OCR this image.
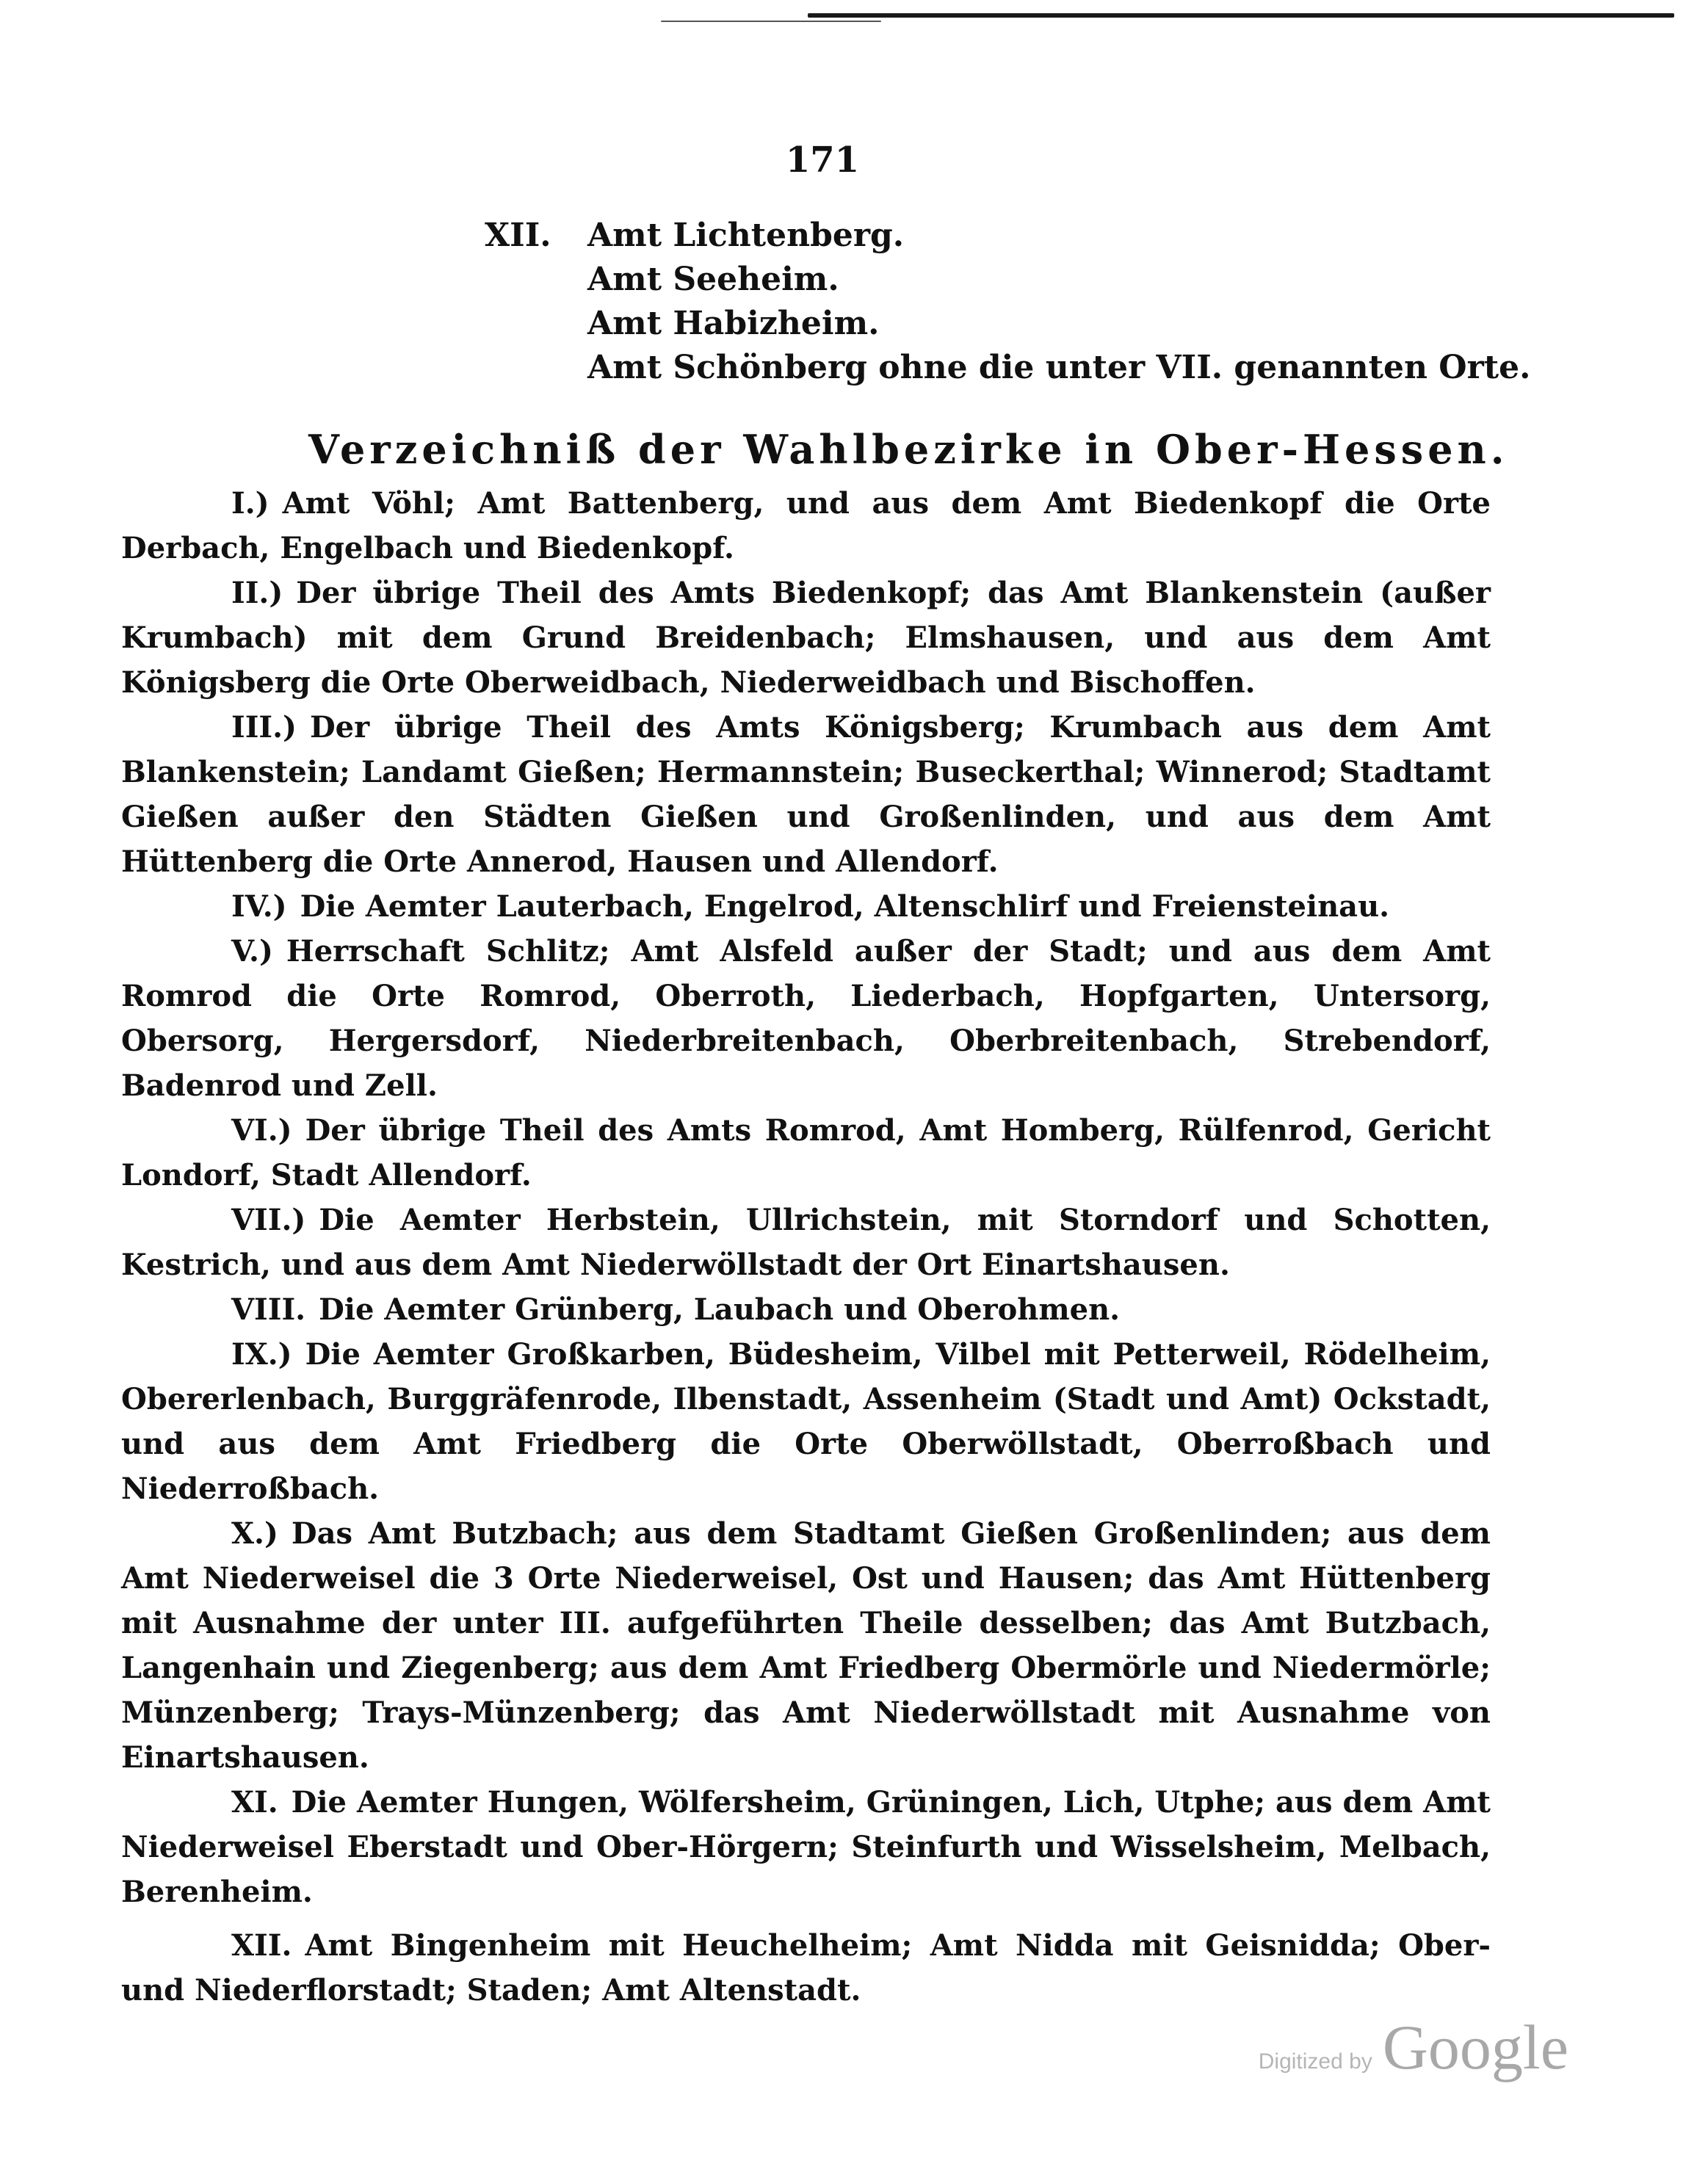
171
XII.	Amt Lichtenberg.
Amt Seeheim.
Amt Habizheim.
Amt Schönberg ohne die unter VII. genannten Orte.
Verzeichniß der Wahlbezirke in Ober-Hessen.

I.) Amt Vöhl; Amt Battenberg, und aus dem Amt Biedenkopf die Orte Derbach, Engelbach und Biedenkopf.

II.) Der übrige Theil des Amts Biedenkopf; das Amt Blankenstein (außer Krumbach) mit dem Grund Breidenbach; Elmshausen, und aus dem Amt Königsberg die Orte Oberweidbach, Niederweidbach und Bischoffen.

III.) Der übrige Theil des Amts Königsberg; Krumbach aus dem Amt Blankenstein; Landamt Gießen; Hermannstein; Buseckerthal; Winnerod; Stadtamt Gießen außer den Städten Gießen und Großenlinden, und aus dem Amt Hüttenberg die Orte Annerod, Hausen und Allendorf.

IV.) Die Aemter Lauterbach, Engelrod, Altenschlirf und Freiensteinau.

V.) Herrschaft Schlitz; Amt Alsfeld außer der Stadt; und aus dem Amt Romrod die Orte Romrod, Oberroth, Liederbach, Hopfgarten, Untersorg, Obersorg, Hergersdorf, Niederbreitenbach, Oberbreitenbach, Strebendorf, Badenrod und Zell.

VI.) Der übrige Theil des Amts Romrod, Amt Homberg, Rülfenrod, Gericht Londorf, Stadt Allendorf.

VII.) Die Aemter Herbstein, Ullrichstein, mit Storndorf und Schotten, Kestrich, und aus dem Amt Niederwöllstadt der Ort Einartshausen.

VIII. Die Aemter Grünberg, Laubach und Oberohmen.

IX.) Die Aemter Großkarben, Büdesheim, Vilbel mit Petterweil, Rödelheim, Obererlenbach, Burggräfenrode, Ilbenstadt, Assenheim (Stadt und Amt) Ockstadt, und aus dem Amt Friedberg die Orte Oberwöllstadt, Oberroßbach und Niederroßbach.

X.) Das Amt Butzbach; aus dem Stadtamt Gießen Großenlinden; aus dem Amt Niederweisel die 3 Orte Niederweisel, Ost und Hausen; das Amt Hüttenberg mit Ausnahme der unter III. aufgeführten Theile desselben; das Amt Butzbach, Langenhain und Ziegenberg; aus dem Amt Friedberg Obermörle und Niedermörle; Münzenberg; Trays-Münzenberg; das Amt Niederwöllstadt mit Ausnahme von Einartshausen.

XI. Die Aemter Hungen, Wölfersheim, Grüningen, Lich, Utphe; aus dem Amt Niederweisel Eberstadt und Ober-Hörgern; Steinfurth und Wisselsheim, Melbach, Berenheim.

XII. Amt Bingenheim mit Heuchelheim; Amt Nidda mit Geisnidda; Ober- und Niederflorstadt; Staden; Amt Altenstadt.

Digitized by Google
